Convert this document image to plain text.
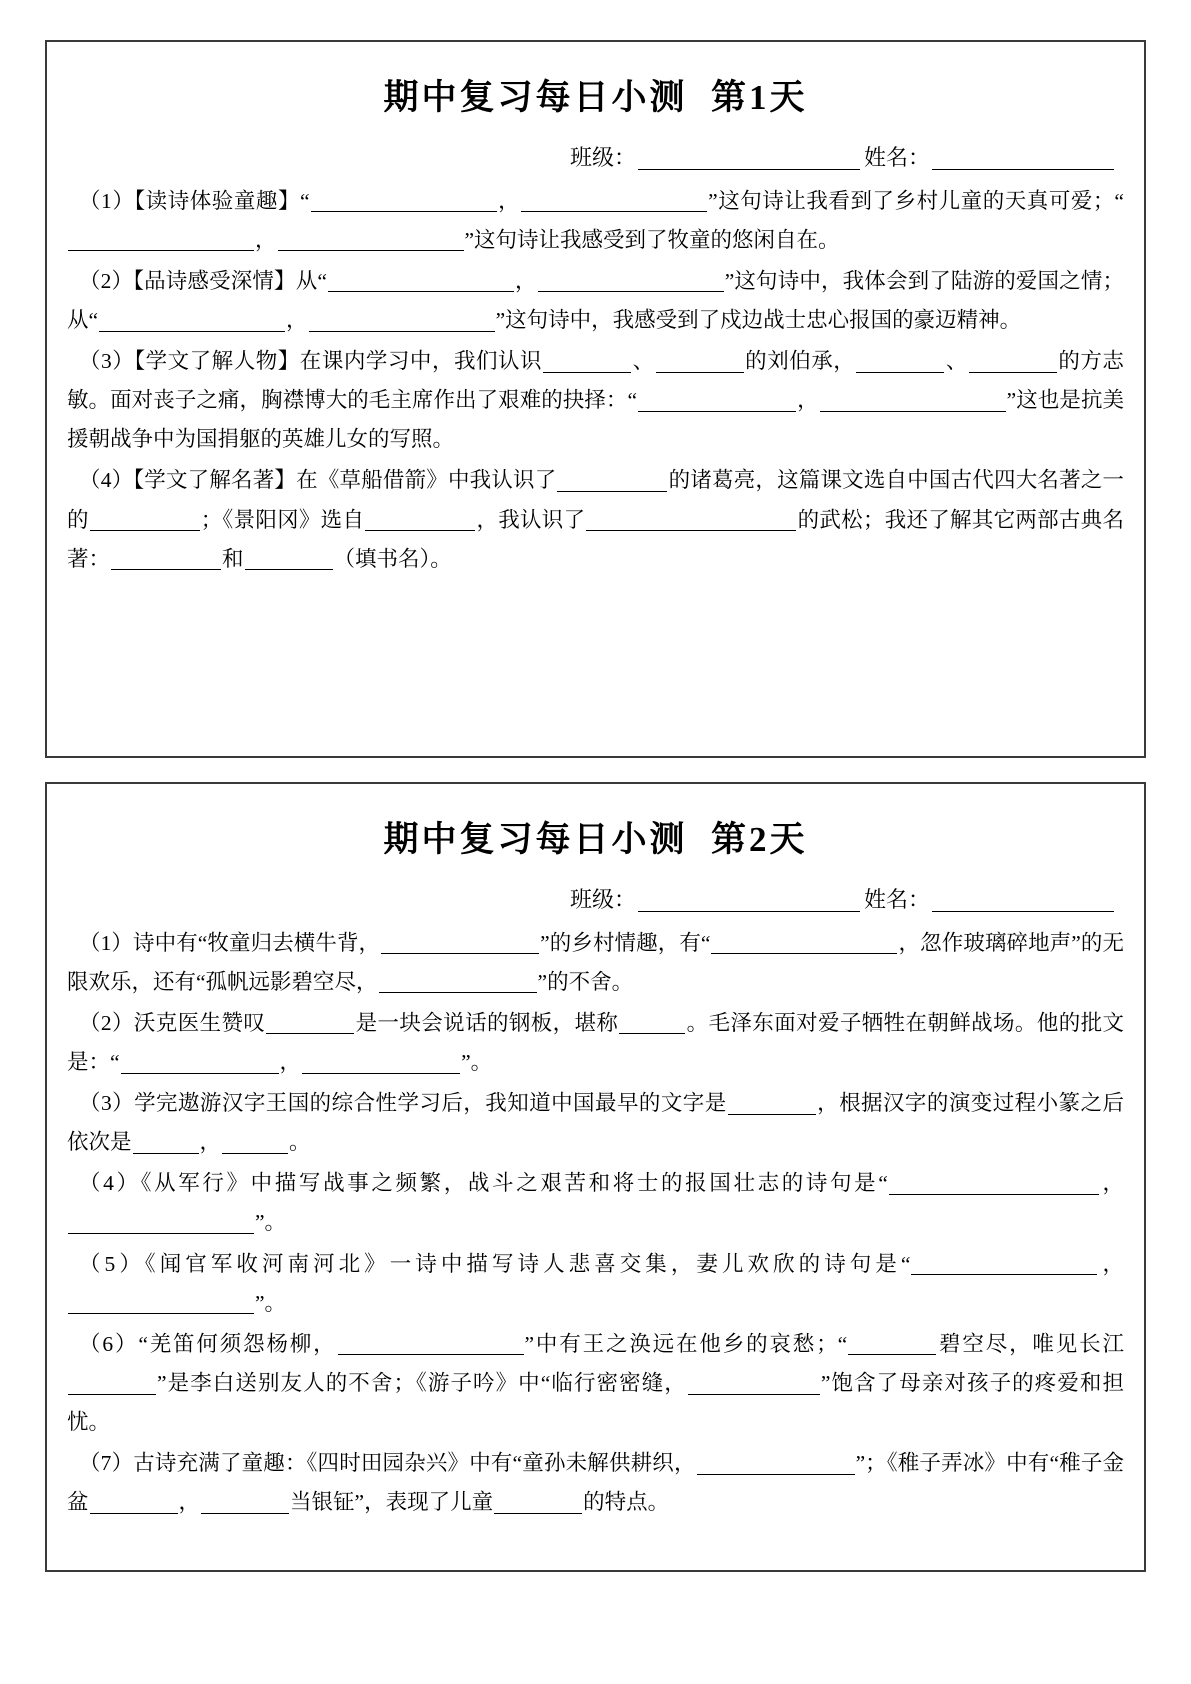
期中复习每日小测  第1天
班级：	姓名：

（1）【读诗体验童趣】“	，	”这句诗让我看到了乡村儿童的天真可爱；“，	”这句诗让我感受到了牧童的悠闲自在。

（2）【品诗感受深情】从“	，	”这句诗中，我体会到了陆游的爱国之情；从“	，	”这句诗中，我感受到了戍边战士忠心报国的豪迈精神。

（3）【学文了解人物】在课内学习中，我们认识	、	的刘伯承，	、	的方志敏。面对丧子之痛，胸襟博大的毛主席作出了艰难的抉择：“	，	”这也是抗美援朝战争中为国捐躯的英雄儿女的写照。

（4）【学文了解名著】在《草船借箭》中我认识了	的诸葛亮，这篇课文选自中国古代四大名著之一的	；《景阳冈》选自	，我认识了	的武松；我还了解其它两部古典名著：	和	（填书名）。

期中复习每日小测  第2天
班级：	姓名：

（1）诗中有“牧童归去横牛背，	”的乡村情趣，有“	，忽作玻璃碎地声”的无限欢乐，还有“孤帆远影碧空尽，	”的不舍。

（2）沃克医生赞叹	是一块会说话的钢板，堪称	。毛泽东面对爱子牺牲在朝鲜战场。他的批文是：“	，	”。

（3）学完遨游汉字王国的综合性学习后，我知道中国最早的文字是	，根据汉字的演变过程小篆之后依次是	，	。

（4）《从军行》中描写战事之频繁，战斗之艰苦和将士的报国壮志的诗句是“	，”。

（5）《闻官军收河南河北》一诗中描写诗人悲喜交集，妻儿欢欣的诗句是“	，”。

（6）“羌笛何须怨杨柳，	”中有王之涣远在他乡的哀愁；“	碧空尽，唯见长江”是李白送别友人的不舍；《游子吟》中“临行密密缝，	”饱含了母亲对孩子的疼爱和担忧。

（7）古诗充满了童趣：《四时田园杂兴》中有“童孙未解供耕织，	”；《稚子弄冰》中有“稚子金盆	，	当银钲”，表现了儿童	的特点。
